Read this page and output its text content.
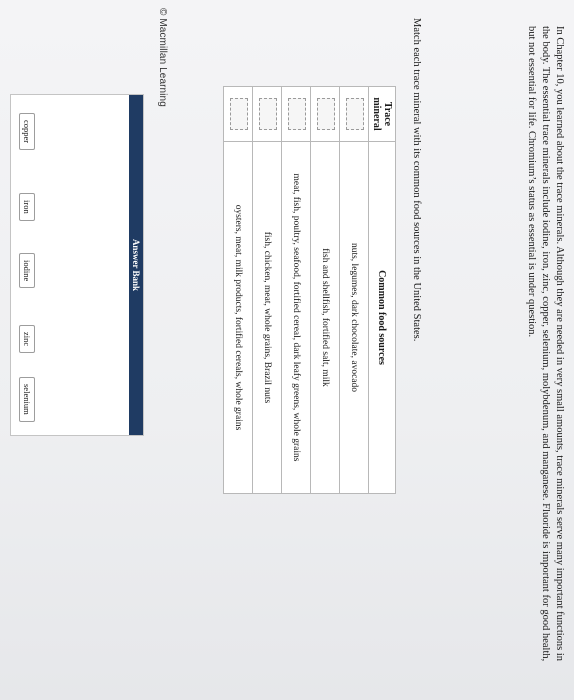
© Macmillan Learning	In Chapter 10, you learned about the trace minerals. Although they are needed in very small amounts, trace minerals serve many important functions in the body. The essential trace minerals include iodine, iron, zinc, copper, selenium, molybdenum, and manganese. Fluoride is important for good health, but not essential for life. Chromium’s status as essential is under question.

Match each trace mineral with its common food sources in the United States.

Trace mineral	Common food sources
	nuts, legumes, dark chocolate, avocado
	fish and shellfish, fortified salt, milk
	meat, fish, poultry, seafood, fortified cereal, dark leafy greens, whole grains
	fish, chicken, meat, whole grains, Brazil nuts
	oysters, meat, milk products, fortified cereals, whole grains
Answer Bank
copper
iron
iodine
zinc
selenium
